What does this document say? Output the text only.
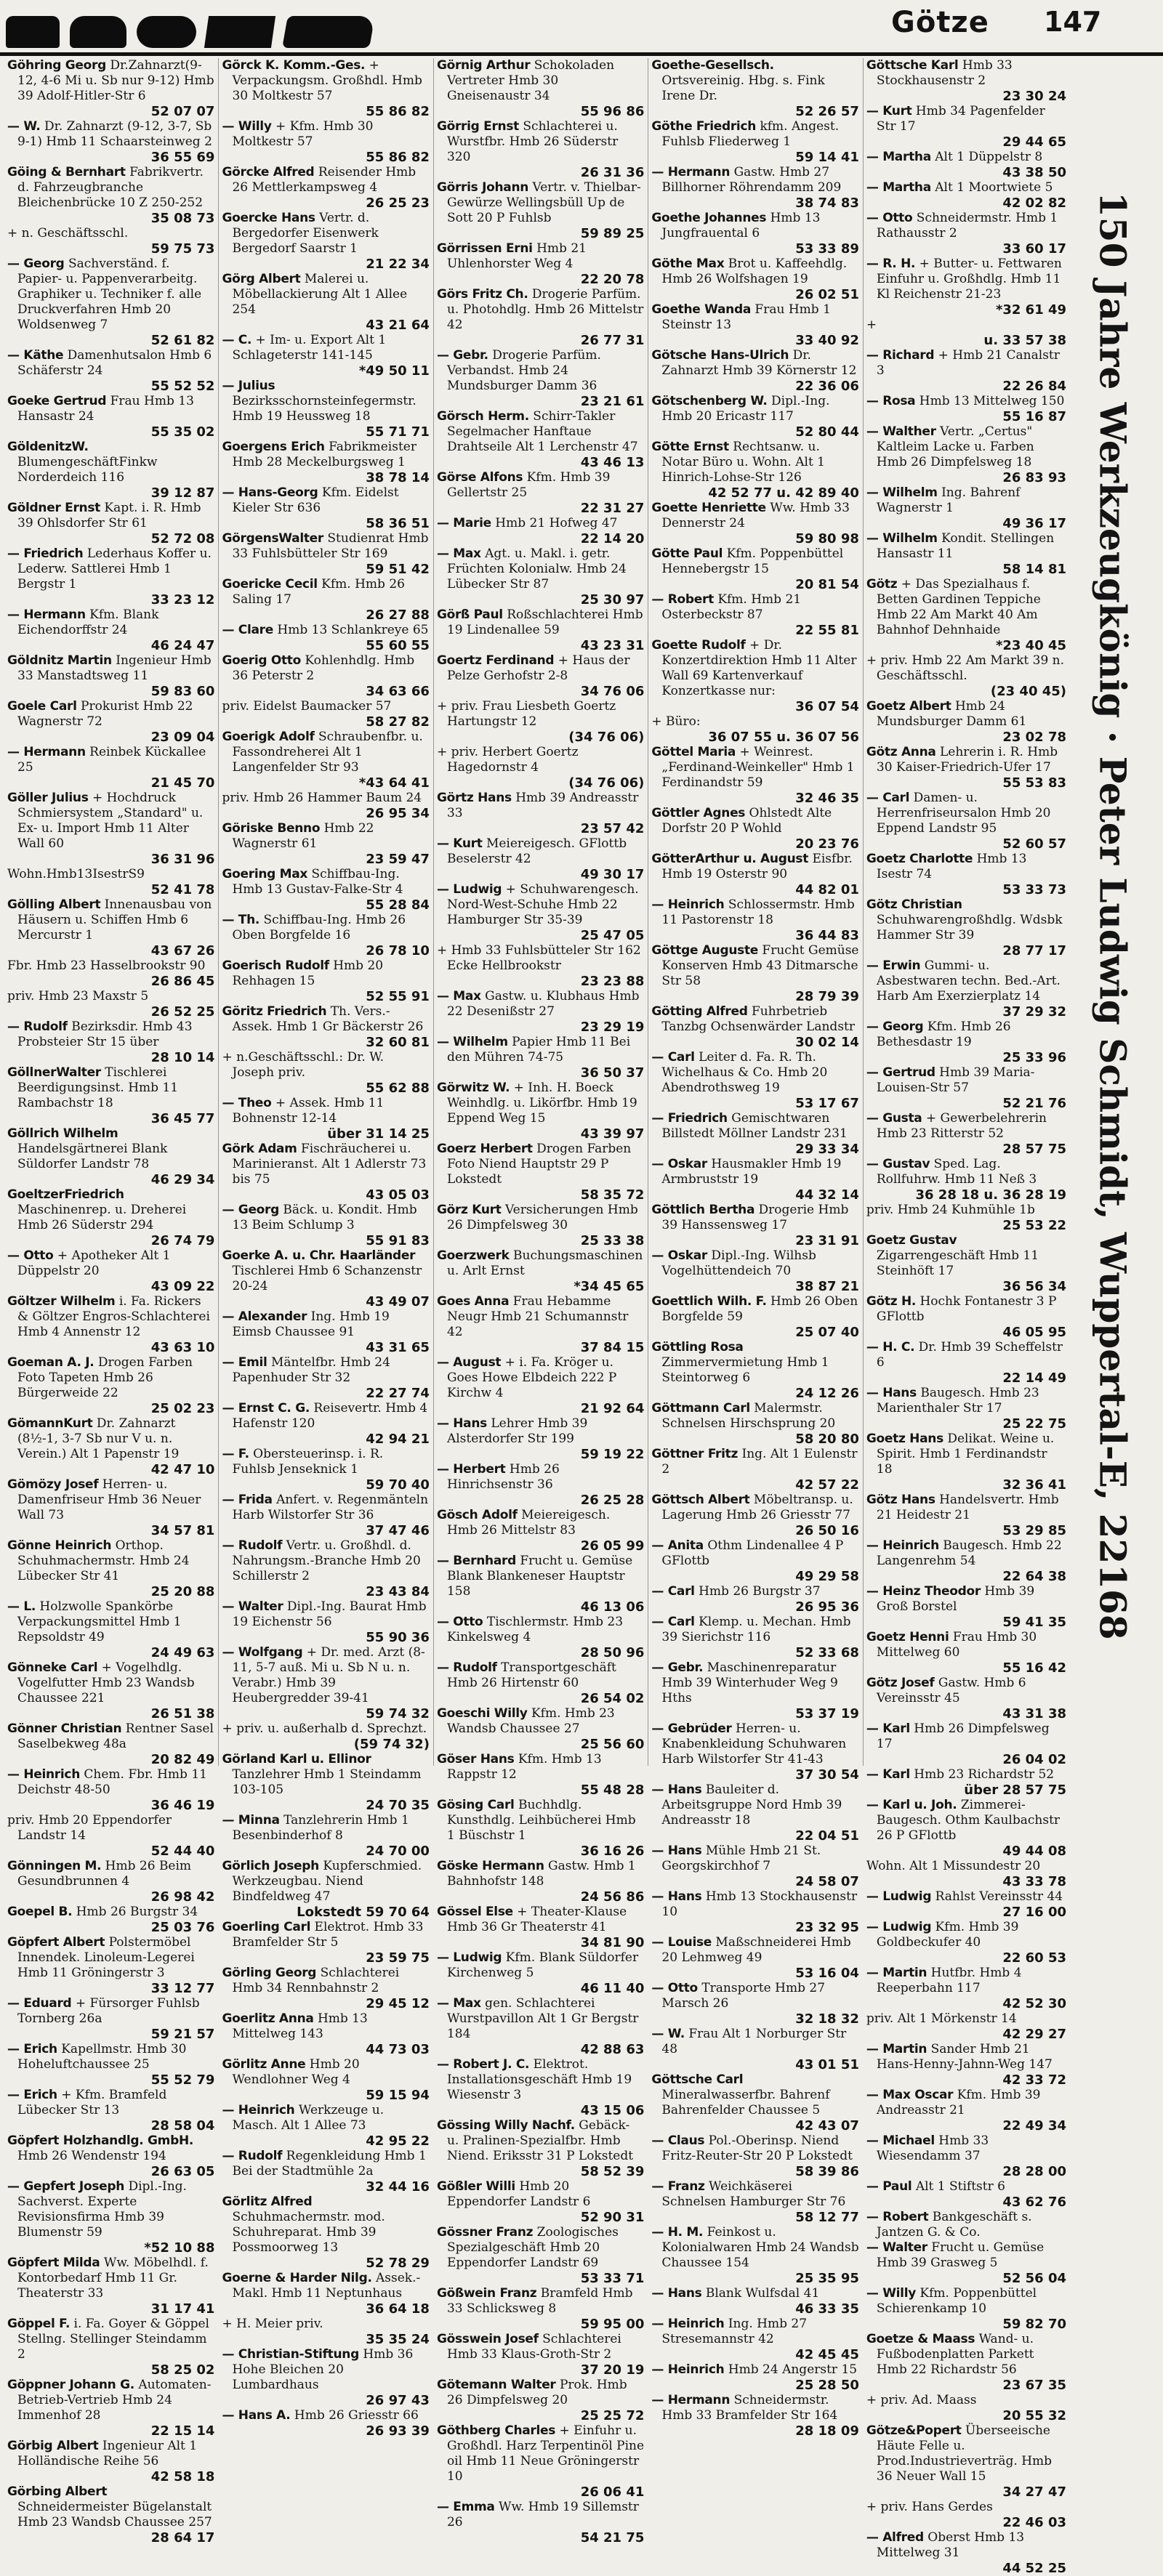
Götze 147
Göhring Georg Dr.Zahnarzt(9-12, 4-6 Mi u. Sb nur 9-12) Hmb 39 Adolf-Hitler-Str 6
52 07 07
— W. Dr. Zahnarzt (9-12, 3-7, Sb 9-1) Hmb 11 Schaarsteinweg 2
36 55 69
Göing & Bernhart Fabrikvertr. d. Fahrzeugbranche Bleichenbrücke 10 Z 250-252
35 08 73
+ n. Geschäftsschl.
59 75 73
— Georg Sachverständ. f. Papier- u. Pappenverarbeitg. Graphiker u. Techniker f. alle Druckverfahren Hmb 20 Woldsenweg 7
52 61 82
— Käthe Damenhutsalon Hmb 6 Schäferstr 24
55 52 52
Goeke Gertrud Frau Hmb 13 Hansastr 24
55 35 02
GöldenitzW. BlumengeschäftFinkw Norderdeich 116
39 12 87
Göldner Ernst Kapt. i. R. Hmb 39 Ohlsdorfer Str 61
52 72 08
— Friedrich Lederhaus Koffer u. Lederw. Sattlerei Hmb 1 Bergstr 1
33 23 12
— Hermann Kfm. Blank Eichendorffstr 24
46 24 47
Göldnitz Martin Ingenieur Hmb 33 Manstadtsweg 11
59 83 60
Goele Carl Prokurist Hmb 22 Wagnerstr 72
23 09 04
— Hermann Reinbek Kückallee 25
21 45 70
Göller Julius + Hochdruck Schmiersystem „Standard" u. Ex- u. Import Hmb 11 Alter Wall 60
36 31 96
Wohn.Hmb13IsestrS9
52 41 78
Gölling Albert Innenausbau von Häusern u. Schiffen Hmb 6 Mercurstr 1
43 67 26
Fbr. Hmb 23 Hasselbrookstr 90
26 86 45
priv. Hmb 23 Maxstr 5
26 52 25
— Rudolf Bezirksdir. Hmb 43 Probsteier Str 15 über
28 10 14
GöllnerWalter Tischlerei Beerdigungsinst. Hmb 11 Rambachstr 18
36 45 77
Göllrich Wilhelm Handelsgärtnerei Blank Süldorfer Landstr 78
46 29 34
GoeltzerFriedrich Maschinenrep. u. Dreherei Hmb 26 Süderstr 294
26 74 79
— Otto + Apotheker Alt 1 Düppelstr 20
43 09 22
Göltzer Wilhelm i. Fa. Rickers & Göltzer Engros-Schlachterei Hmb 4 Annenstr 12
43 63 10
Goeman A. J. Drogen Farben Foto Tapeten Hmb 26 Bürgerweide 22
25 02 23
GömannKurt Dr. Zahnarzt (8½-1, 3-7 Sb nur V u. n. Verein.) Alt 1 Papenstr 19
42 47 10
Gömözy Josef Herren- u. Damenfriseur Hmb 36 Neuer Wall 73
34 57 81
Gönne Heinrich Orthop. Schuhmachermstr. Hmb 24 Lübecker Str 41
25 20 88
— L. Holzwolle Spankörbe Verpackungsmittel Hmb 1 Repsoldstr 49
24 49 63
Gönneke Carl + Vogelhdlg. Vogelfutter Hmb 23 Wandsb Chaussee 221
26 51 38
Gönner Christian Rentner Sasel Saselbekweg 48a
20 82 49
— Heinrich Chem. Fbr. Hmb 11 Deichstr 48-50
36 46 19
priv. Hmb 20 Eppendorfer Landstr 14
52 44 40
Gönningen M. Hmb 26 Beim Gesundbrunnen 4
26 98 42
Goepel B. Hmb 26 Burgstr 34
25 03 76
Göpfert Albert Polstermöbel Innendek. Linoleum-Legerei Hmb 11 Gröningerstr 3
33 12 77
— Eduard + Fürsorger Fuhlsb Tornberg 26a
59 21 57
— Erich Kapellmstr. Hmb 30 Hoheluftchaussee 25
55 52 79
— Erich + Kfm. Bramfeld Lübecker Str 13
28 58 04
Göpfert Holzhandlg. GmbH. Hmb 26 Wendenstr 194
26 63 05
— Gepfert Joseph Dipl.-Ing. Sachverst. Experte Revisionsfirma Hmb 39 Blumenstr 59
*52 10 88
Göpfert Milda Ww. Möbelhdl. f. Kontorbedarf Hmb 11 Gr. Theaterstr 33
31 17 41
Göppel F. i. Fa. Goyer & Göppel Stellng. Stellinger Steindamm 2
58 25 02
Göppner Johann G. Automaten-Betrieb-Vertrieb Hmb 24 Immenhof 28
22 15 14
Görbig Albert Ingenieur Alt 1 Holländische Reihe 56
42 58 18
Görbing Albert Schneidermeister Bügelanstalt Hmb 23 Wandsb Chaussee 257
28 64 17
Görck K. Komm.-Ges. + Verpackungsm. Großhdl. Hmb 30 Moltkestr 57
55 86 82
— Willy + Kfm. Hmb 30 Moltkestr 57
55 86 82
Görcke Alfred Reisender Hmb 26 Mettlerkampsweg 4
26 25 23
Goercke Hans Vertr. d. Bergedorfer Eisenwerk Bergedorf Saarstr 1
21 22 34
Görg Albert Malerei u. Möbellackierung Alt 1 Allee 254
43 21 64
— C. + Im- u. Export Alt 1 Schlageterstr 141-145
*49 50 11
— Julius Bezirksschornsteinfegermstr. Hmb 19 Heussweg 18
55 71 71
Goergens Erich Fabrikmeister Hmb 28 Meckelburgsweg 1
38 78 14
— Hans-Georg Kfm. Eidelst Kieler Str 636
58 36 51
GörgensWalter Studienrat Hmb 33 Fuhlsbütteler Str 169
59 51 42
Goericke Cecil Kfm. Hmb 26 Saling 17
26 27 88
— Clare Hmb 13 Schlankreye 65
55 60 55
Goerig Otto Kohlenhdlg. Hmb 36 Peterstr 2
34 63 66
priv. Eidelst Baumacker 57
58 27 82
Goerigk Adolf Schraubenfbr. u. Fassondreherei Alt 1 Langenfelder Str 93
*43 64 41
priv. Hmb 26 Hammer Baum 24
26 95 34
Göriske Benno Hmb 22 Wagnerstr 61
23 59 47
Goering Max Schiffbau-Ing. Hmb 13 Gustav-Falke-Str 4
55 28 84
— Th. Schiffbau-Ing. Hmb 26 Oben Borgfelde 16
26 78 10
Goerisch Rudolf Hmb 20 Rehhagen 15
52 55 91
Göritz Friedrich Th. Vers.-Assek. Hmb 1 Gr Bäckerstr 26
32 60 81
+ n.Geschäftsschl.: Dr. W. Joseph priv.
55 62 88
— Theo + Assek. Hmb 11 Bohnenstr 12-14
über 31 14 25
Görk Adam Fischräucherei u. Marinieranst. Alt 1 Adlerstr 73 bis 75
43 05 03
— Georg Bäck. u. Kondit. Hmb 13 Beim Schlump 3
55 91 83
Goerke A. u. Chr. Haarländer Tischlerei Hmb 6 Schanzenstr 20-24
43 49 07
— Alexander Ing. Hmb 19 Eimsb Chaussee 91
43 31 65
— Emil Mäntelfbr. Hmb 24 Papenhuder Str 32
22 27 74
— Ernst C. G. Reisevertr. Hmb 4 Hafenstr 120
42 94 21
— F. Obersteuerinsp. i. R. Fuhlsb Jenseknick 1
59 70 40
— Frida Anfert. v. Regenmänteln Harb Wilstorfer Str 36
37 47 46
— Rudolf Vertr. u. Großhdl. d. Nahrungsm.-Branche Hmb 20 Schillerstr 2
23 43 84
— Walter Dipl.-Ing. Baurat Hmb 19 Eichenstr 56
55 90 36
— Wolfgang + Dr. med. Arzt (8-11, 5-7 auß. Mi u. Sb N u. n. Verabr.) Hmb 39 Heubergredder 39-41
59 74 32
+ priv. u. außerhalb d. Sprechzt.
(59 74 32)
Görland Karl u. Ellinor Tanzlehrer Hmb 1 Steindamm 103-105
24 70 35
— Minna Tanzlehrerin Hmb 1 Besenbinderhof 8
24 70 00
Görlich Joseph Kupferschmied. Werkzeugbau. Niend Bindfeldweg 47
Lokstedt 59 70 64
Goerling Carl Elektrot. Hmb 33 Bramfelder Str 5
23 59 75
Görling Georg Schlachterei Hmb 34 Rennbahnstr 2
29 45 12
Goerlitz Anna Hmb 13 Mittelweg 143
44 73 03
Görlitz Anne Hmb 20 Wendlohner Weg 4
59 15 94
— Heinrich Werkzeuge u. Masch. Alt 1 Allee 73
42 95 22
— Rudolf Regenkleidung Hmb 1 Bei der Stadtmühle 2a
32 44 16
Görlitz Alfred Schuhmachermstr. mod. Schuhreparat. Hmb 39 Possmoorweg 13
52 78 29
Goerne & Harder Nilg. Assek.-Makl. Hmb 11 Neptunhaus
36 64 18
+ H. Meier priv.
35 35 24
— Christian-Stiftung Hmb 36 Hohe Bleichen 20 Lumbardhaus
26 97 43
— Hans A. Hmb 26 Griesstr 66
26 93 39
Görnig Arthur Schokoladen Vertreter Hmb 30 Gneisenaustr 34
55 96 86
Görrig Ernst Schlachterei u. Wurstfbr. Hmb 26 Süderstr 320
26 31 36
Görris Johann Vertr. v. Thielbar-Gewürze Wellingsbüll Up de Sott 20 P Fuhlsb
59 89 25
Görrissen Erni Hmb 21 Uhlenhorster Weg 4
22 20 78
Görs Fritz Ch. Drogerie Parfüm. u. Photohdlg. Hmb 26 Mittelstr 42
26 77 31
— Gebr. Drogerie Parfüm. Verbandst. Hmb 24 Mundsburger Damm 36
23 21 61
Görsch Herm. Schirr-Takler Segelmacher Hanftaue Drahtseile Alt 1 Lerchenstr 47
43 46 13
Görse Alfons Kfm. Hmb 39 Gellertstr 25
22 31 27
— Marie Hmb 21 Hofweg 47
22 14 20
— Max Agt. u. Makl. i. getr. Früchten Kolonialw. Hmb 24 Lübecker Str 87
25 30 97
Görß Paul Roßschlachterei Hmb 19 Lindenallee 59
43 23 31
Goertz Ferdinand + Haus der Pelze Gerhofstr 2-8
34 76 06
+ priv. Frau Liesbeth Goertz Hartungstr 12
(34 76 06)
+ priv. Herbert Goertz Hagedornstr 4
(34 76 06)
Görtz Hans Hmb 39 Andreasstr 33
23 57 42
— Kurt Meiereigesch. GFlottb Beselerstr 42
49 30 17
— Ludwig + Schuhwarengesch. Nord-West-Schuhe Hmb 22 Hamburger Str 35-39
25 47 05
+ Hmb 33 Fuhlsbütteler Str 162 Ecke Hellbrookstr
23 23 88
— Max Gastw. u. Klubhaus Hmb 22 Desenißstr 27
23 29 19
— Wilhelm Papier Hmb 11 Bei den Mühren 74-75
36 50 37
Görwitz W. + Inh. H. Boeck Weinhdlg. u. Likörfbr. Hmb 19 Eppend Weg 15
43 39 97
Goerz Herbert Drogen Farben Foto Niend Hauptstr 29 P Lokstedt
58 35 72
Görz Kurt Versicherungen Hmb 26 Dimpfelsweg 30
25 33 38
Goerzwerk Buchungsmaschinen u. Arlt Ernst
*34 45 65
Goes Anna Frau Hebamme Neugr Hmb 21 Schumannstr 42
37 84 15
— August + i. Fa. Kröger u. Goes Howe Elbdeich 222 P Kirchw 4
21 92 64
— Hans Lehrer Hmb 39 Alsterdorfer Str 199
59 19 22
— Herbert Hmb 26 Hinrichsenstr 36
26 25 28
Gösch Adolf Meiereigesch. Hmb 26 Mittelstr 83
26 05 99
— Bernhard Frucht u. Gemüse Blank Blankeneser Hauptstr 158
46 13 06
— Otto Tischlermstr. Hmb 23 Kinkelsweg 4
28 50 96
— Rudolf Transportgeschäft Hmb 26 Hirtenstr 60
26 54 02
Goeschi Willy Kfm. Hmb 23 Wandsb Chaussee 27
25 56 60
Göser Hans Kfm. Hmb 13 Rappstr 12
55 48 28
Gösing Carl Buchhdlg. Kunsthdlg. Leihbücherei Hmb 1 Büschstr 1
36 16 26
Göske Hermann Gastw. Hmb 1 Bahnhofstr 148
24 56 86
Gössel Else + Theater-Klause Hmb 36 Gr Theaterstr 41
34 81 90
— Ludwig Kfm. Blank Süldorfer Kirchenweg 5
46 11 40
— Max gen. Schlachterei Wurstpavillon Alt 1 Gr Bergstr 184
42 88 63
— Robert J. C. Elektrot. Installationsgeschäft Hmb 19 Wiesenstr 3
43 15 06
Gössing Willy Nachf. Gebäck- u. Pralinen-Spezialfbr. Hmb Niend. Eriksstr 31 P Lokstedt
58 52 39
Gößler Willi Hmb 20 Eppendorfer Landstr 6
52 90 31
Gössner Franz Zoologisches Spezialgeschäft Hmb 20 Eppendorfer Landstr 69
53 33 71
Gößwein Franz Bramfeld Hmb 33 Schlicksweg 8
59 95 00
Gösswein Josef Schlachterei Hmb 33 Klaus-Groth-Str 2
37 20 19
Götemann Walter Prok. Hmb 26 Dimpfelsweg 20
25 25 72
Göthberg Charles + Einfuhr u. Großhdl. Harz Terpentinöl Pine oil Hmb 11 Neue Gröningerstr 10
26 06 41
— Emma Ww. Hmb 19 Sillemstr 26
54 21 75
Goethe-Gesellsch. Ortsvereinig. Hbg. s. Fink Irene Dr.
52 26 57
Göthe Friedrich kfm. Angest. Fuhlsb Fliederweg 1
59 14 41
— Hermann Gastw. Hmb 27 Billhorner Röhrendamm 209
38 74 83
Goethe Johannes Hmb 13 Jungfrauental 6
53 33 89
Göthe Max Brot u. Kaffeehdlg. Hmb 26 Wolfshagen 19
26 02 51
Goethe Wanda Frau Hmb 1 Steinstr 13
33 40 92
Götsche Hans-Ulrich Dr. Zahnarzt Hmb 39 Körnerstr 12
22 36 06
Götschenberg W. Dipl.-Ing. Hmb 20 Ericastr 117
52 80 44
Götte Ernst Rechtsanw. u. Notar Büro u. Wohn. Alt 1 Hinrich-Lohse-Str 126
42 52 77 u. 42 89 40
Goette Henriette Ww. Hmb 33 Dennerstr 24
59 80 98
Götte Paul Kfm. Poppenbüttel Hennebergstr 15
20 81 54
— Robert Kfm. Hmb 21 Osterbeckstr 87
22 55 81
Goette Rudolf + Dr. Konzertdirektion Hmb 11 Alter Wall 69 Kartenverkauf Konzertkasse nur:
36 07 54
+ Büro:
36 07 55 u. 36 07 56
Göttel Maria + Weinrest. „Ferdinand-Weinkeller" Hmb 1 Ferdinandstr 59
32 46 35
Göttler Agnes Ohlstedt Alte Dorfstr 20 P Wohld
20 23 76
GötterArthur u. August Eisfbr. Hmb 19 Osterstr 90
44 82 01
— Heinrich Schlossermstr. Hmb 11 Pastorenstr 18
36 44 83
Göttge Auguste Frucht Gemüse Konserven Hmb 43 Ditmarsche Str 58
28 79 39
Götting Alfred Fuhrbetrieb Tanzbg Ochsenwärder Landstr
30 02 14
— Carl Leiter d. Fa. R. Th. Wichelhaus & Co. Hmb 20 Abendrothsweg 19
53 17 67
— Friedrich Gemischtwaren Billstedt Möllner Landstr 231
29 33 34
— Oskar Hausmakler Hmb 19 Armbruststr 19
44 32 14
Göttlich Bertha Drogerie Hmb 39 Hanssensweg 17
23 31 91
— Oskar Dipl.-Ing. Wilhsb Vogelhüttendeich 70
38 87 21
Goettlich Wilh. F. Hmb 26 Oben Borgfelde 59
25 07 40
Göttling Rosa Zimmervermietung Hmb 1 Steintorweg 6
24 12 26
Göttmann Carl Malermstr. Schnelsen Hirschsprung 20
58 20 80
Göttner Fritz Ing. Alt 1 Eulenstr 2
42 57 22
Göttsch Albert Möbeltransp. u. Lagerung Hmb 26 Griesstr 77
26 50 16
— Anita Othm Lindenallee 4 P GFlottb
49 29 58
— Carl Hmb 26 Burgstr 37
26 95 36
— Carl Klemp. u. Mechan. Hmb 39 Sierichstr 116
52 33 68
— Gebr. Maschinenreparatur Hmb 39 Winterhuder Weg 9 Hths
53 37 19
— Gebrüder Herren- u. Knabenkleidung Schuhwaren Harb Wilstorfer Str 41-43
37 30 54
— Hans Bauleiter d. Arbeitsgruppe Nord Hmb 39 Andreasstr 18
22 04 51
— Hans Mühle Hmb 21 St. Georgskirchhof 7
24 58 07
— Hans Hmb 13 Stockhausenstr 10
23 32 95
— Louise Maßschneiderei Hmb 20 Lehmweg 49
53 16 04
— Otto Transporte Hmb 27 Marsch 26
32 18 32
— W. Frau Alt 1 Norburger Str 48
43 01 51
Göttsche Carl Mineralwasserfbr. Bahrenf Bahrenfelder Chaussee 5
42 43 07
— Claus Pol.-Oberinsp. Niend Fritz-Reuter-Str 20 P Lokstedt
58 39 86
— Franz Weichkäserei Schnelsen Hamburger Str 76
58 12 77
— H. M. Feinkost u. Kolonialwaren Hmb 24 Wandsb Chaussee 154
25 35 95
— Hans Blank Wulfsdal 41
46 33 35
— Heinrich Ing. Hmb 27 Stresemannstr 42
42 45 45
— Heinrich Hmb 24 Angerstr 15
25 28 50
— Hermann Schneidermstr. Hmb 33 Bramfelder Str 164
28 18 09
Göttsche Karl Hmb 33 Stockhausenstr 2
23 30 24
— Kurt Hmb 34 Pagenfelder Str 17
29 44 65
— Martha Alt 1 Düppelstr 8
43 38 50
— Martha Alt 1 Moortwiete 5
42 02 82
— Otto Schneidermstr. Hmb 1 Rathausstr 2
33 60 17
— R. H. + Butter- u. Fettwaren Einfuhr u. Großhdlg. Hmb 11 Kl Reichenstr 21-23
*32 61 49
+
u. 33 57 38
— Richard + Hmb 21 Canalstr 3
22 26 84
— Rosa Hmb 13 Mittelweg 150
55 16 87
— Walther Vertr. „Certus" Kaltleim Lacke u. Farben Hmb 26 Dimpfelsweg 18
26 83 93
— Wilhelm Ing. Bahrenf Wagnerstr 1
49 36 17
— Wilhelm Kondit. Stellingen Hansastr 11
58 14 81
Götz + Das Spezialhaus f. Betten Gardinen Teppiche Hmb 22 Am Markt 40 Am Bahnhof Dehnhaide
*23 40 45
+ priv. Hmb 22 Am Markt 39 n. Geschäftsschl.
(23 40 45)
Goetz Albert Hmb 24 Mundsburger Damm 61
23 02 78
Götz Anna Lehrerin i. R. Hmb 30 Kaiser-Friedrich-Ufer 17
55 53 83
— Carl Damen- u. Herrenfriseursalon Hmb 20 Eppend Landstr 95
52 60 57
Goetz Charlotte Hmb 13 Isestr 74
53 33 73
Götz Christian Schuhwarengroßhdlg. Wdsbk Hammer Str 39
28 77 17
— Erwin Gummi- u. Asbestwaren techn. Bed.-Art. Harb Am Exerzierplatz 14
37 29 32
— Georg Kfm. Hmb 26 Bethesdastr 19
25 33 96
— Gertrud Hmb 39 Maria-Louisen-Str 57
52 21 76
— Gusta + Gewerbelehrerin Hmb 23 Ritterstr 52
28 57 75
— Gustav Sped. Lag. Rollfuhrw. Hmb 11 Neß 3
36 28 18 u. 36 28 19
priv. Hmb 24 Kuhmühle 1b
25 53 22
Goetz Gustav Zigarrengeschäft Hmb 11 Steinhöft 17
36 56 34
Götz H. Hochk Fontanestr 3 P GFlottb
46 05 95
— H. C. Dr. Hmb 39 Scheffelstr 6
22 14 49
— Hans Baugesch. Hmb 23 Marienthaler Str 17
25 22 75
Goetz Hans Delikat. Weine u. Spirit. Hmb 1 Ferdinandstr 18
32 36 41
Götz Hans Handelsvertr. Hmb 21 Heidestr 21
53 29 85
— Heinrich Baugesch. Hmb 22 Langenrehm 54
22 64 38
— Heinz Theodor Hmb 39 Groß Borstel
59 41 35
Goetz Henni Frau Hmb 30 Mittelweg 60
55 16 42
Götz Josef Gastw. Hmb 6 Vereinsstr 45
43 31 38
— Karl Hmb 26 Dimpfelsweg 17
26 04 02
— Karl Hmb 23 Richardstr 52
über 28 57 75
— Karl u. Joh. Zimmerei- Baugesch. Othm Kaulbachstr 26 P GFlottb
49 44 08
Wohn. Alt 1 Missundestr 20
43 33 78
— Ludwig Rahlst Vereinsstr 44
27 16 00
— Ludwig Kfm. Hmb 39 Goldbeckufer 40
22 60 53
— Martin Hutfbr. Hmb 4 Reeperbahn 117
42 52 30
priv. Alt 1 Mörkenstr 14
42 29 27
— Martin Sander Hmb 21 Hans-Henny-Jahnn-Weg 147
42 33 72
— Max Oscar Kfm. Hmb 39 Andreasstr 21
22 49 34
— Michael Hmb 33 Wiesendamm 37
28 28 00
— Paul Alt 1 Stiftstr 6
43 62 76
— Robert Bankgeschäft s. Jantzen G. & Co.
— Walter Frucht u. Gemüse Hmb 39 Grasweg 5
52 56 04
— Willy Kfm. Poppenbüttel Schierenkamp 10
59 82 70
Goetze & Maass Wand- u. Fußbodenplatten Parkett Hmb 22 Richardstr 56
23 67 35
+ priv. Ad. Maass
20 55 32
Götze&Popert Überseeische Häute Felle u. Prod.Industrieverträg. Hmb 36 Neuer Wall 15
34 27 47
+ priv. Hans Gerdes
22 46 03
— Alfred Oberst Hmb 13 Mittelweg 31
44 52 25
150 Jahre Werkzeugkönig · Peter Ludwig Schmidt, Wuppertal-E, 22168
